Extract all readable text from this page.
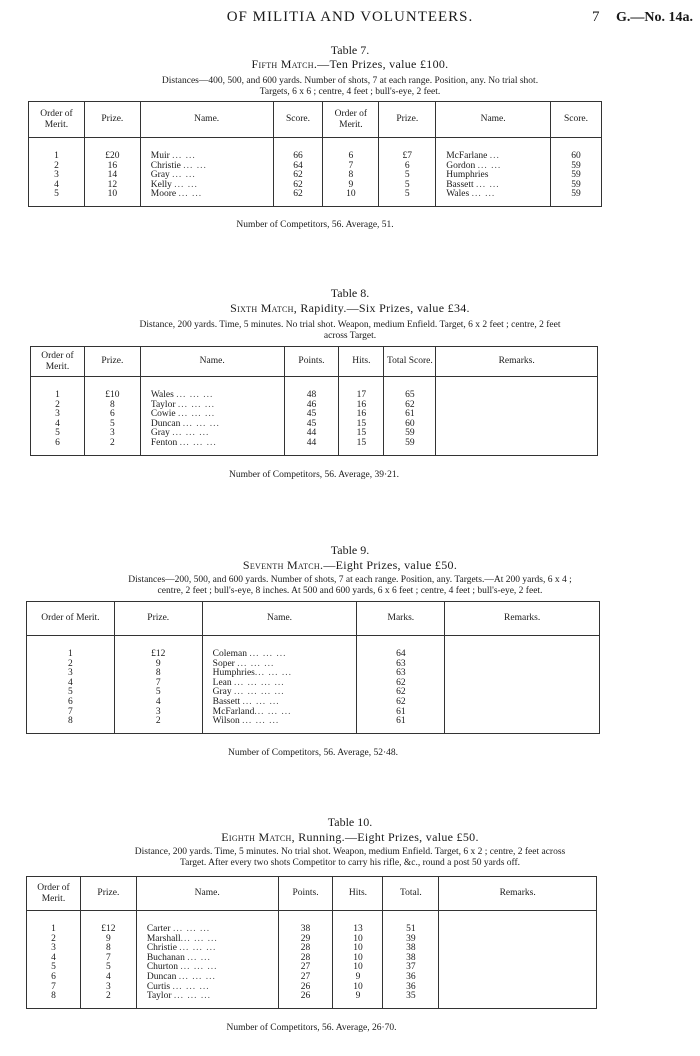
OF MILITIA AND VOLUNTEERS.	7 G.—No. 14a.
Table 7.
Fifth Match.—Ten Prizes, value £100.
Distances—400, 500, and 600 yards. Number of shots, 7 at each range. Position, any. No trial shot.
Targets, 6 x 6 ; centre, 4 feet ; bull's-eye, 2 feet.
Order of Merit.	Prize.	Name.	Score.	Order of Merit.	Prize.	Name.	Score.

1	£20	Muir ... ...	66	6	£7	McFarlane ...	60
2	16	Christie ... ...	64	7	6	Gordon ... ...	59
3	14	Gray ... ...	62	8	5	Humphries	59
4	12	Kelly ... ...	62	9	5	Bassett ... ...	59
5	10	Moore ... ...	62	10	5	Wales ... ...	59

Number of Competitors, 56. Average, 51.
Table 8.
Sixth Match, Rapidity.—Six Prizes, value £34.
Distance, 200 yards. Time, 5 minutes. No trial shot. Weapon, medium Enfield. Target, 6 x 2 feet ; centre, 2 feet
across Target.
Order of Merit.	Prize.	Name.	Points.	Hits.	Total Score.	Remarks.

1	£10	Wales ... ... ...	48	17	65	
2	8	Taylor ... ... ...	46	16	62	
3	6	Cowie ... ... ...	45	16	61	
4	5	Duncan ... ... ...	45	15	60	
5	3	Gray ... ... ...	44	15	59	
6	2	Fenton ... ... ...	44	15	59	

Number of Competitors, 56. Average, 39·21.
Table 9.
Seventh Match.—Eight Prizes, value £50.
Distances—200, 500, and 600 yards. Number of shots, 7 at each range. Position, any. Targets.—At 200 yards, 6 x 4 ;
centre, 2 feet ; bull's-eye, 8 inches. At 500 and 600 yards, 6 x 6 feet ; centre, 4 feet ; bull's-eye, 2 feet.
Order of Merit.	Prize.	Name.	Marks.	Remarks.

1	£12	Coleman ... ... ...	64	
2	9	Soper ... ... ...	63	
3	8	Humphries... ... ...	63	
4	7	Lean ... ... ... ...	62	
5	5	Gray ... ... ... ...	62	
6	4	Bassett ... ... ...	62	
7	3	McFarland... ... ...	61	
8	2	Wilson ... ... ...	61	

Number of Competitors, 56. Average, 52·48.
Table 10.
Eighth Match, Running.—Eight Prizes, value £50.
Distance, 200 yards. Time, 5 minutes. No trial shot. Weapon, medium Enfield. Target, 6 x 2 ; centre, 2 feet across
Target. After every two shots Competitor to carry his rifle, &c., round a post 50 yards off.
Order of Merit.	Prize.	Name.	Points.	Hits.	Total.	Remarks.

1	£12	Carter ... ... ...	38	13	51	
2	9	Marshall... ... ...	29	10	39	
3	8	Christie ... ... ...	28	10	38	
4	7	Buchanan ... ...	28	10	38	
5	5	Churton ... ... ...	27	10	37	
6	4	Duncan ... ... ...	27	9	36	
7	3	Curtis ... ... ...	26	10	36	
8	2	Taylor ... ... ...	26	9	35	

Number of Competitors, 56. Average, 26·70.
